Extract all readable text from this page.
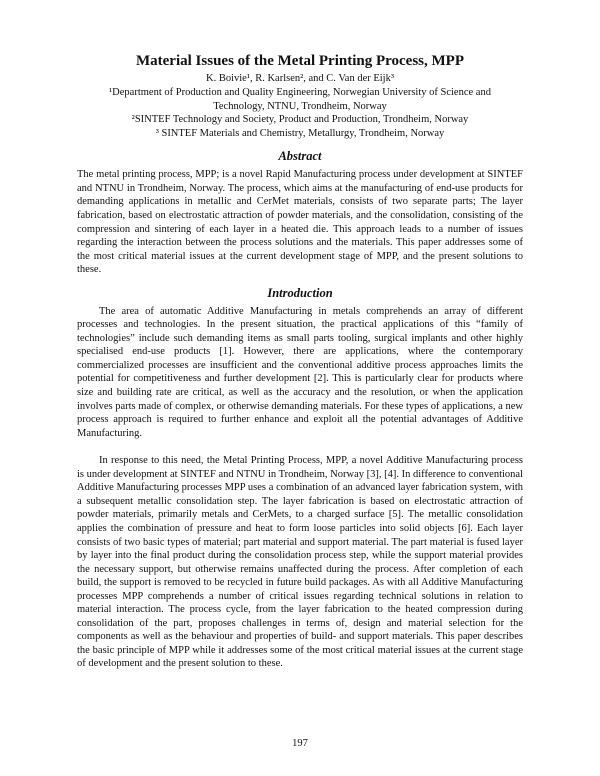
Material Issues of the Metal Printing Process, MPP

K. Boivie¹, R. Karlsen², and C. Van der Eijk³

¹Department of Production and Quality Engineering, Norwegian University of Science and

Technology, NTNU, Trondheim, Norway

²SINTEF Technology and Society, Product and Production, Trondheim, Norway

³ SINTEF Materials and Chemistry, Metallurgy, Trondheim, Norway

Abstract

The metal printing process, MPP; is a novel Rapid Manufacturing process under development at SINTEF and NTNU in Trondheim, Norway. The process, which aims at the manufacturing of end-use products for demanding applications in metallic and CerMet materials, consists of two separate parts; The layer fabrication, based on electrostatic attraction of powder materials, and the consolidation, consisting of the compression and sintering of each layer in a heated die. This approach leads to a number of issues regarding the interaction between the process solutions and the materials. This paper addresses some of the most critical material issues at the current development stage of MPP, and the present solutions to these.

Introduction

The area of automatic Additive Manufacturing in metals comprehends an array of different processes and technologies. In the present situation, the practical applications of this “family of technologies” include such demanding items as small parts tooling, surgical implants and other highly specialised end-use products [1]. However, there are applications, where the contemporary commercialized processes are insufficient and the conventional additive process approaches limits the potential for competitiveness and further development [2]. This is particularly clear for products where size and building rate are critical, as well as the accuracy and the resolution, or when the application involves parts made of complex, or otherwise demanding materials. For these types of applications, a new process approach is required to further enhance and exploit all the potential advantages of Additive Manufacturing.

In response to this need, the Metal Printing Process, MPP, a novel Additive Manufacturing process is under development at SINTEF and NTNU in Trondheim, Norway [3], [4]. In difference to conventional Additive Manufacturing processes MPP uses a combination of an advanced layer fabrication system, with a subsequent metallic consolidation step. The layer fabrication is based on electrostatic attraction of powder materials, primarily metals and CerMets, to a charged surface [5]. The metallic consolidation applies the combination of pressure and heat to form loose particles into solid objects [6]. Each layer consists of two basic types of material; part material and support material. The part material is fused layer by layer into the final product during the consolidation process step, while the support material provides the necessary support, but otherwise remains unaffected during the process. After completion of each build, the support is removed to be recycled in future build packages. As with all Additive Manufacturing processes MPP comprehends a number of critical issues regarding technical solutions in relation to material interaction. The process cycle, from the layer fabrication to the heated compression during consolidation of the part, proposes challenges in terms of, design and material selection for the components as well as the behaviour and properties of build- and support materials. This paper describes the basic principle of MPP while it addresses some of the most critical material issues at the current stage of development and the present solution to these.

197
